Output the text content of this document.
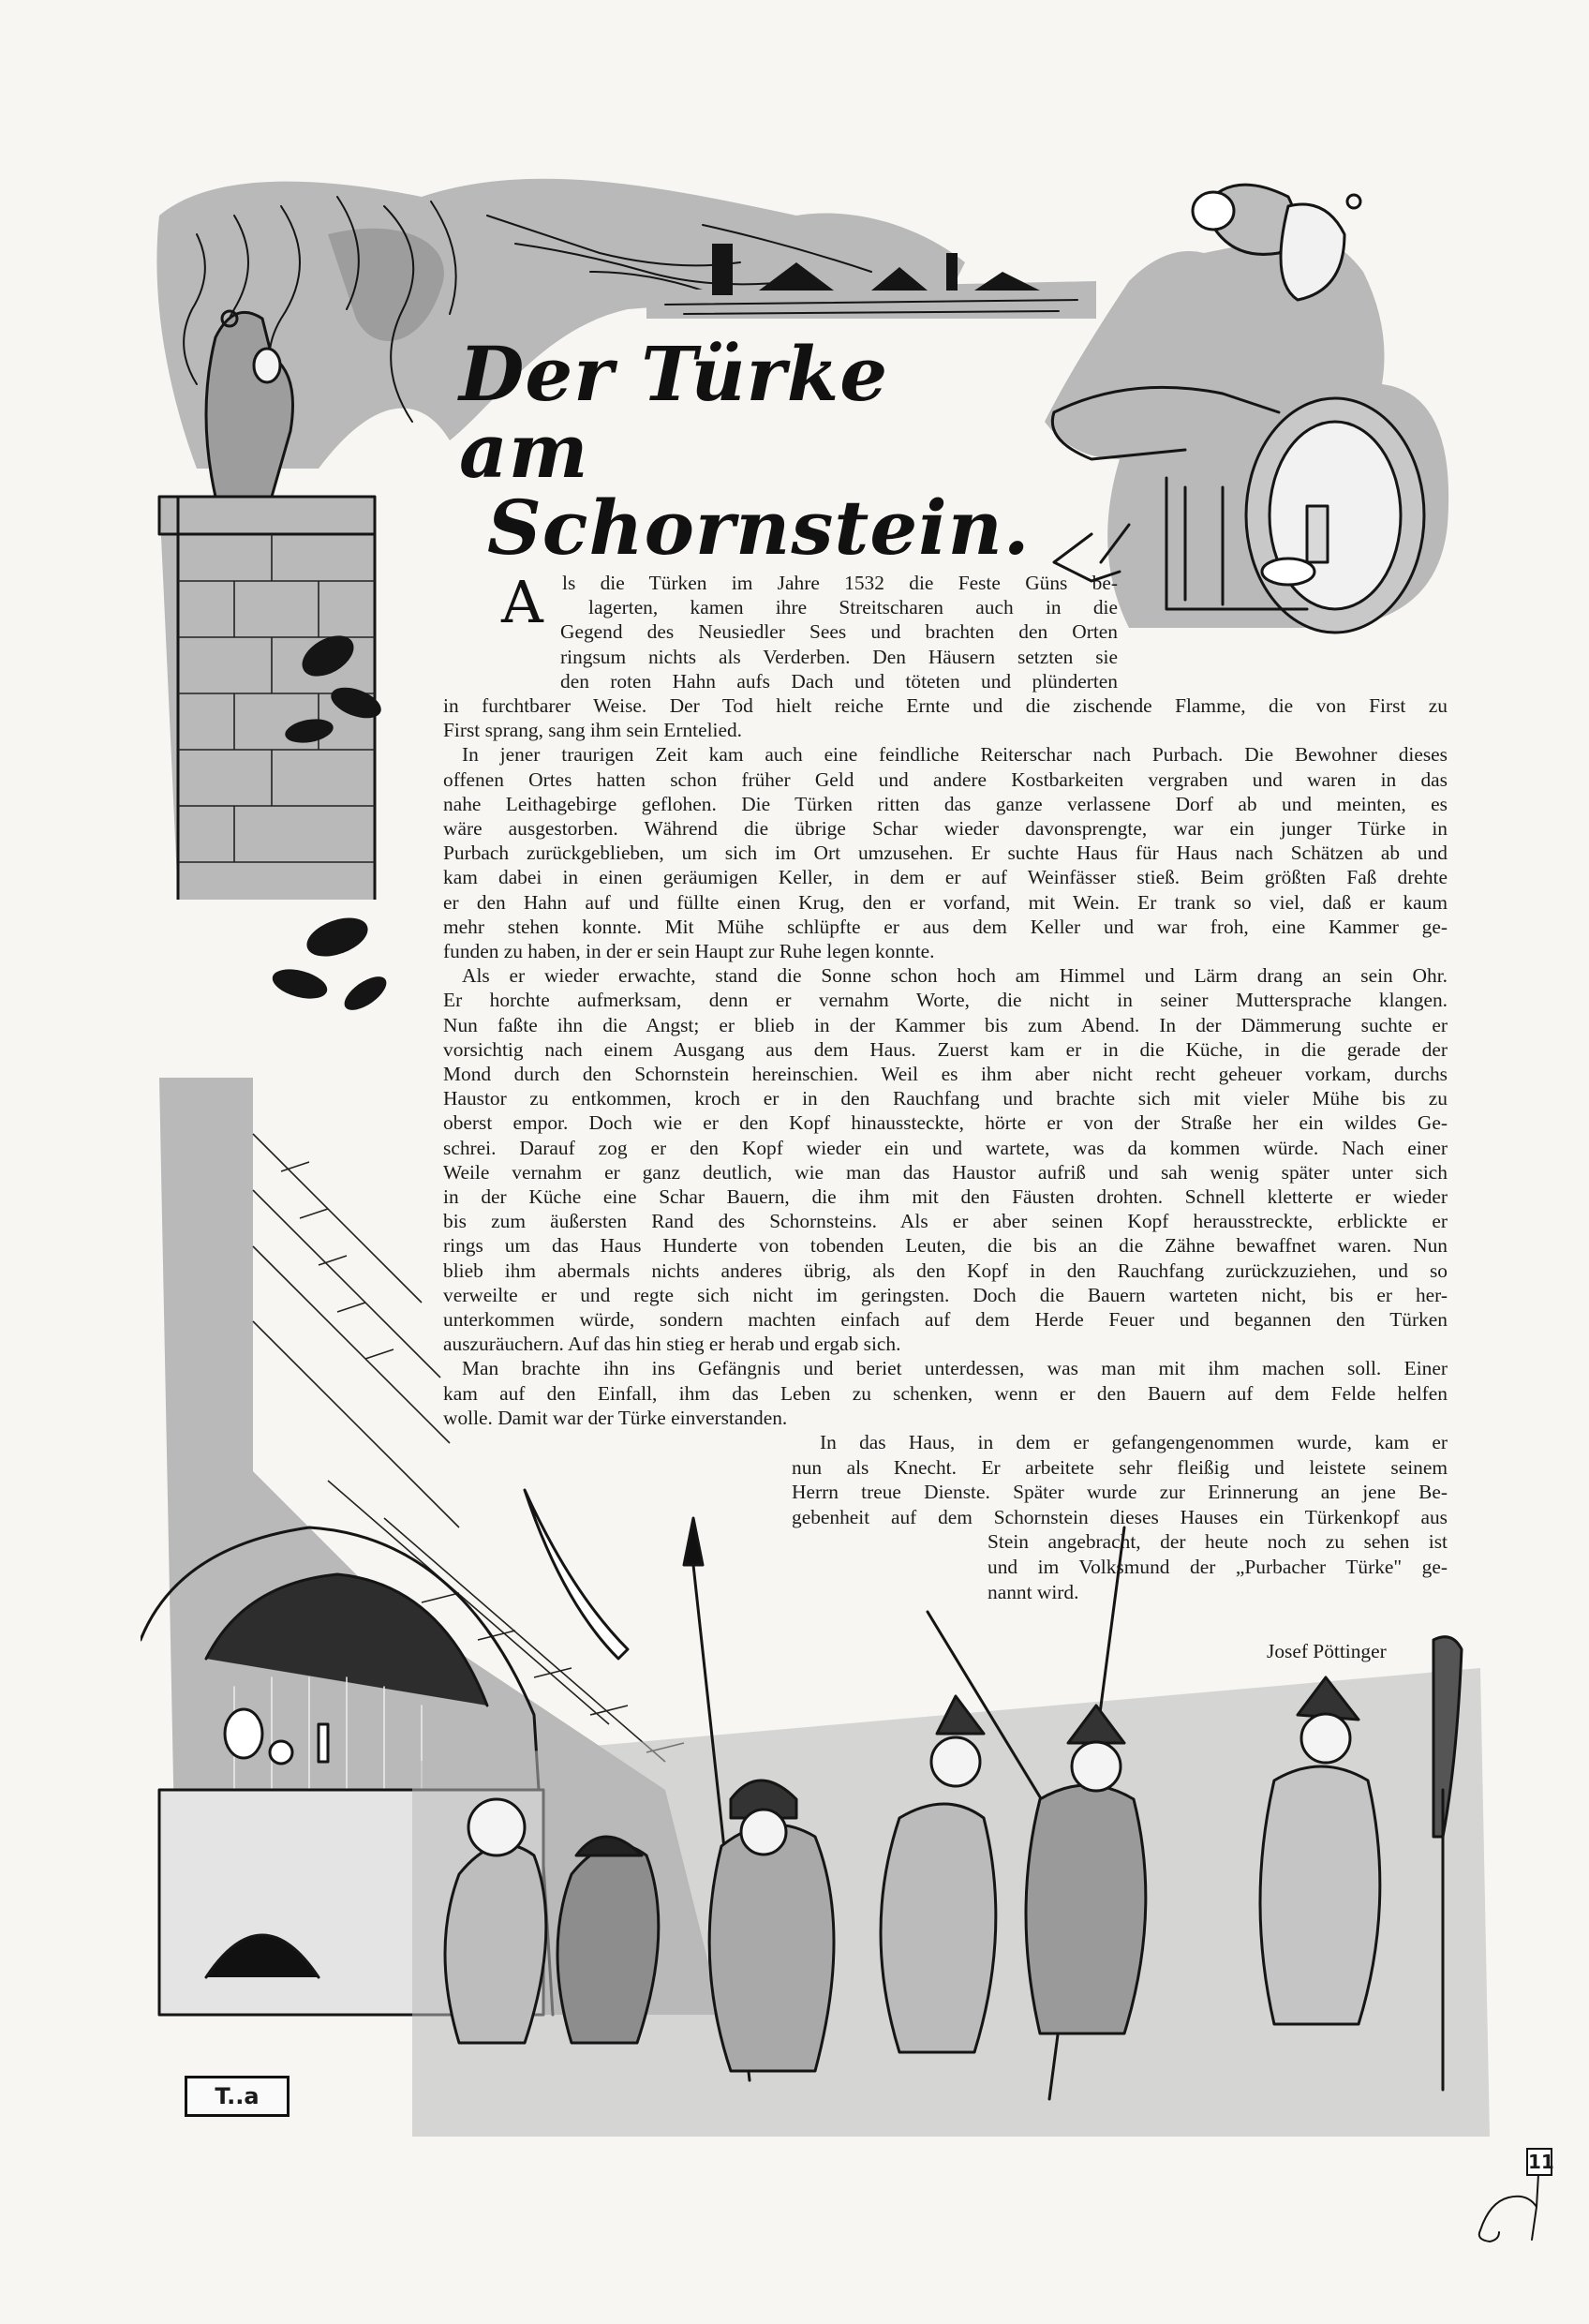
Der Türke am
Schornstein.
A ls die Türken im Jahre 1532 die Feste Güns be-
lagerten, kamen ihre Streitscharen auch in die
Gegend des Neusiedler Sees und brachten den Orten
ringsum nichts als Verderben. Den Häusern setzten sie
den roten Hahn aufs Dach und töteten und plünderten
in furchtbarer Weise. Der Tod hielt reiche Ernte und die zischende Flamme, die von First zu
First sprang, sang ihm sein Erntelied.
In jener traurigen Zeit kam auch eine feindliche Reiterschar nach Purbach. Die Bewohner dieses
offenen Ortes hatten schon früher Geld und andere Kostbarkeiten vergraben und waren in das
nahe Leithagebirge geflohen. Die Türken ritten das ganze verlassene Dorf ab und meinten, es
wäre ausgestorben. Während die übrige Schar wieder davonsprengte, war ein junger Türke in
Purbach zurückgeblieben, um sich im Ort umzusehen. Er suchte Haus für Haus nach Schätzen ab und
kam dabei in einen geräumigen Keller, in dem er auf Weinfässer stieß. Beim größten Faß drehte
er den Hahn auf und füllte einen Krug, den er vorfand, mit Wein. Er trank so viel, daß er kaum
mehr stehen konnte. Mit Mühe schlüpfte er aus dem Keller und war froh, eine Kammer ge-
funden zu haben, in der er sein Haupt zur Ruhe legen konnte.
Als er wieder erwachte, stand die Sonne schon hoch am Himmel und Lärm drang an sein Ohr.
Er horchte aufmerksam, denn er vernahm Worte, die nicht in seiner Muttersprache klangen.
Nun faßte ihn die Angst; er blieb in der Kammer bis zum Abend. In der Dämmerung suchte er
vorsichtig nach einem Ausgang aus dem Haus. Zuerst kam er in die Küche, in die gerade der
Mond durch den Schornstein hereinschien. Weil es ihm aber nicht recht geheuer vorkam, durchs
Haustor zu entkommen, kroch er in den Rauchfang und brachte sich mit vieler Mühe bis zu
oberst empor. Doch wie er den Kopf hinaussteckte, hörte er von der Straße her ein wildes Ge-
schrei. Darauf zog er den Kopf wieder ein und wartete, was da kommen würde. Nach einer
Weile vernahm er ganz deutlich, wie man das Haustor aufriß und sah wenig später unter sich
in der Küche eine Schar Bauern, die ihm mit den Fäusten drohten. Schnell kletterte er wieder
bis zum äußersten Rand des Schornsteins. Als er aber seinen Kopf herausstreckte, erblickte er
rings um das Haus Hunderte von tobenden Leuten, die bis an die Zähne bewaffnet waren. Nun
blieb ihm abermals nichts anderes übrig, als den Kopf in den Rauchfang zurückzuziehen, und so
verweilte er und regte sich nicht im geringsten. Doch die Bauern warteten nicht, bis er her-
unterkommen würde, sondern machten einfach auf dem Herde Feuer und begannen den Türken
auszuräuchern. Auf das hin stieg er herab und ergab sich.
Man brachte ihn ins Gefängnis und beriet unterdessen, was man mit ihm machen soll. Einer
kam auf den Einfall, ihm das Leben zu schenken, wenn er den Bauern auf dem Felde helfen
wolle. Damit war der Türke einverstanden.
In das Haus, in dem er gefangengenommen wurde, kam er
nun als Knecht. Er arbeitete sehr fleißig und leistete seinem
Herrn treue Dienste. Später wurde zur Erinnerung an jene Be-
gebenheit auf dem Schornstein dieses Hauses ein Türkenkopf aus
Stein angebracht, der heute noch zu sehen ist
und im Volksmund der „Purbacher Türke" ge-
nannt wird.
Josef Pöttinger
T..a
11
